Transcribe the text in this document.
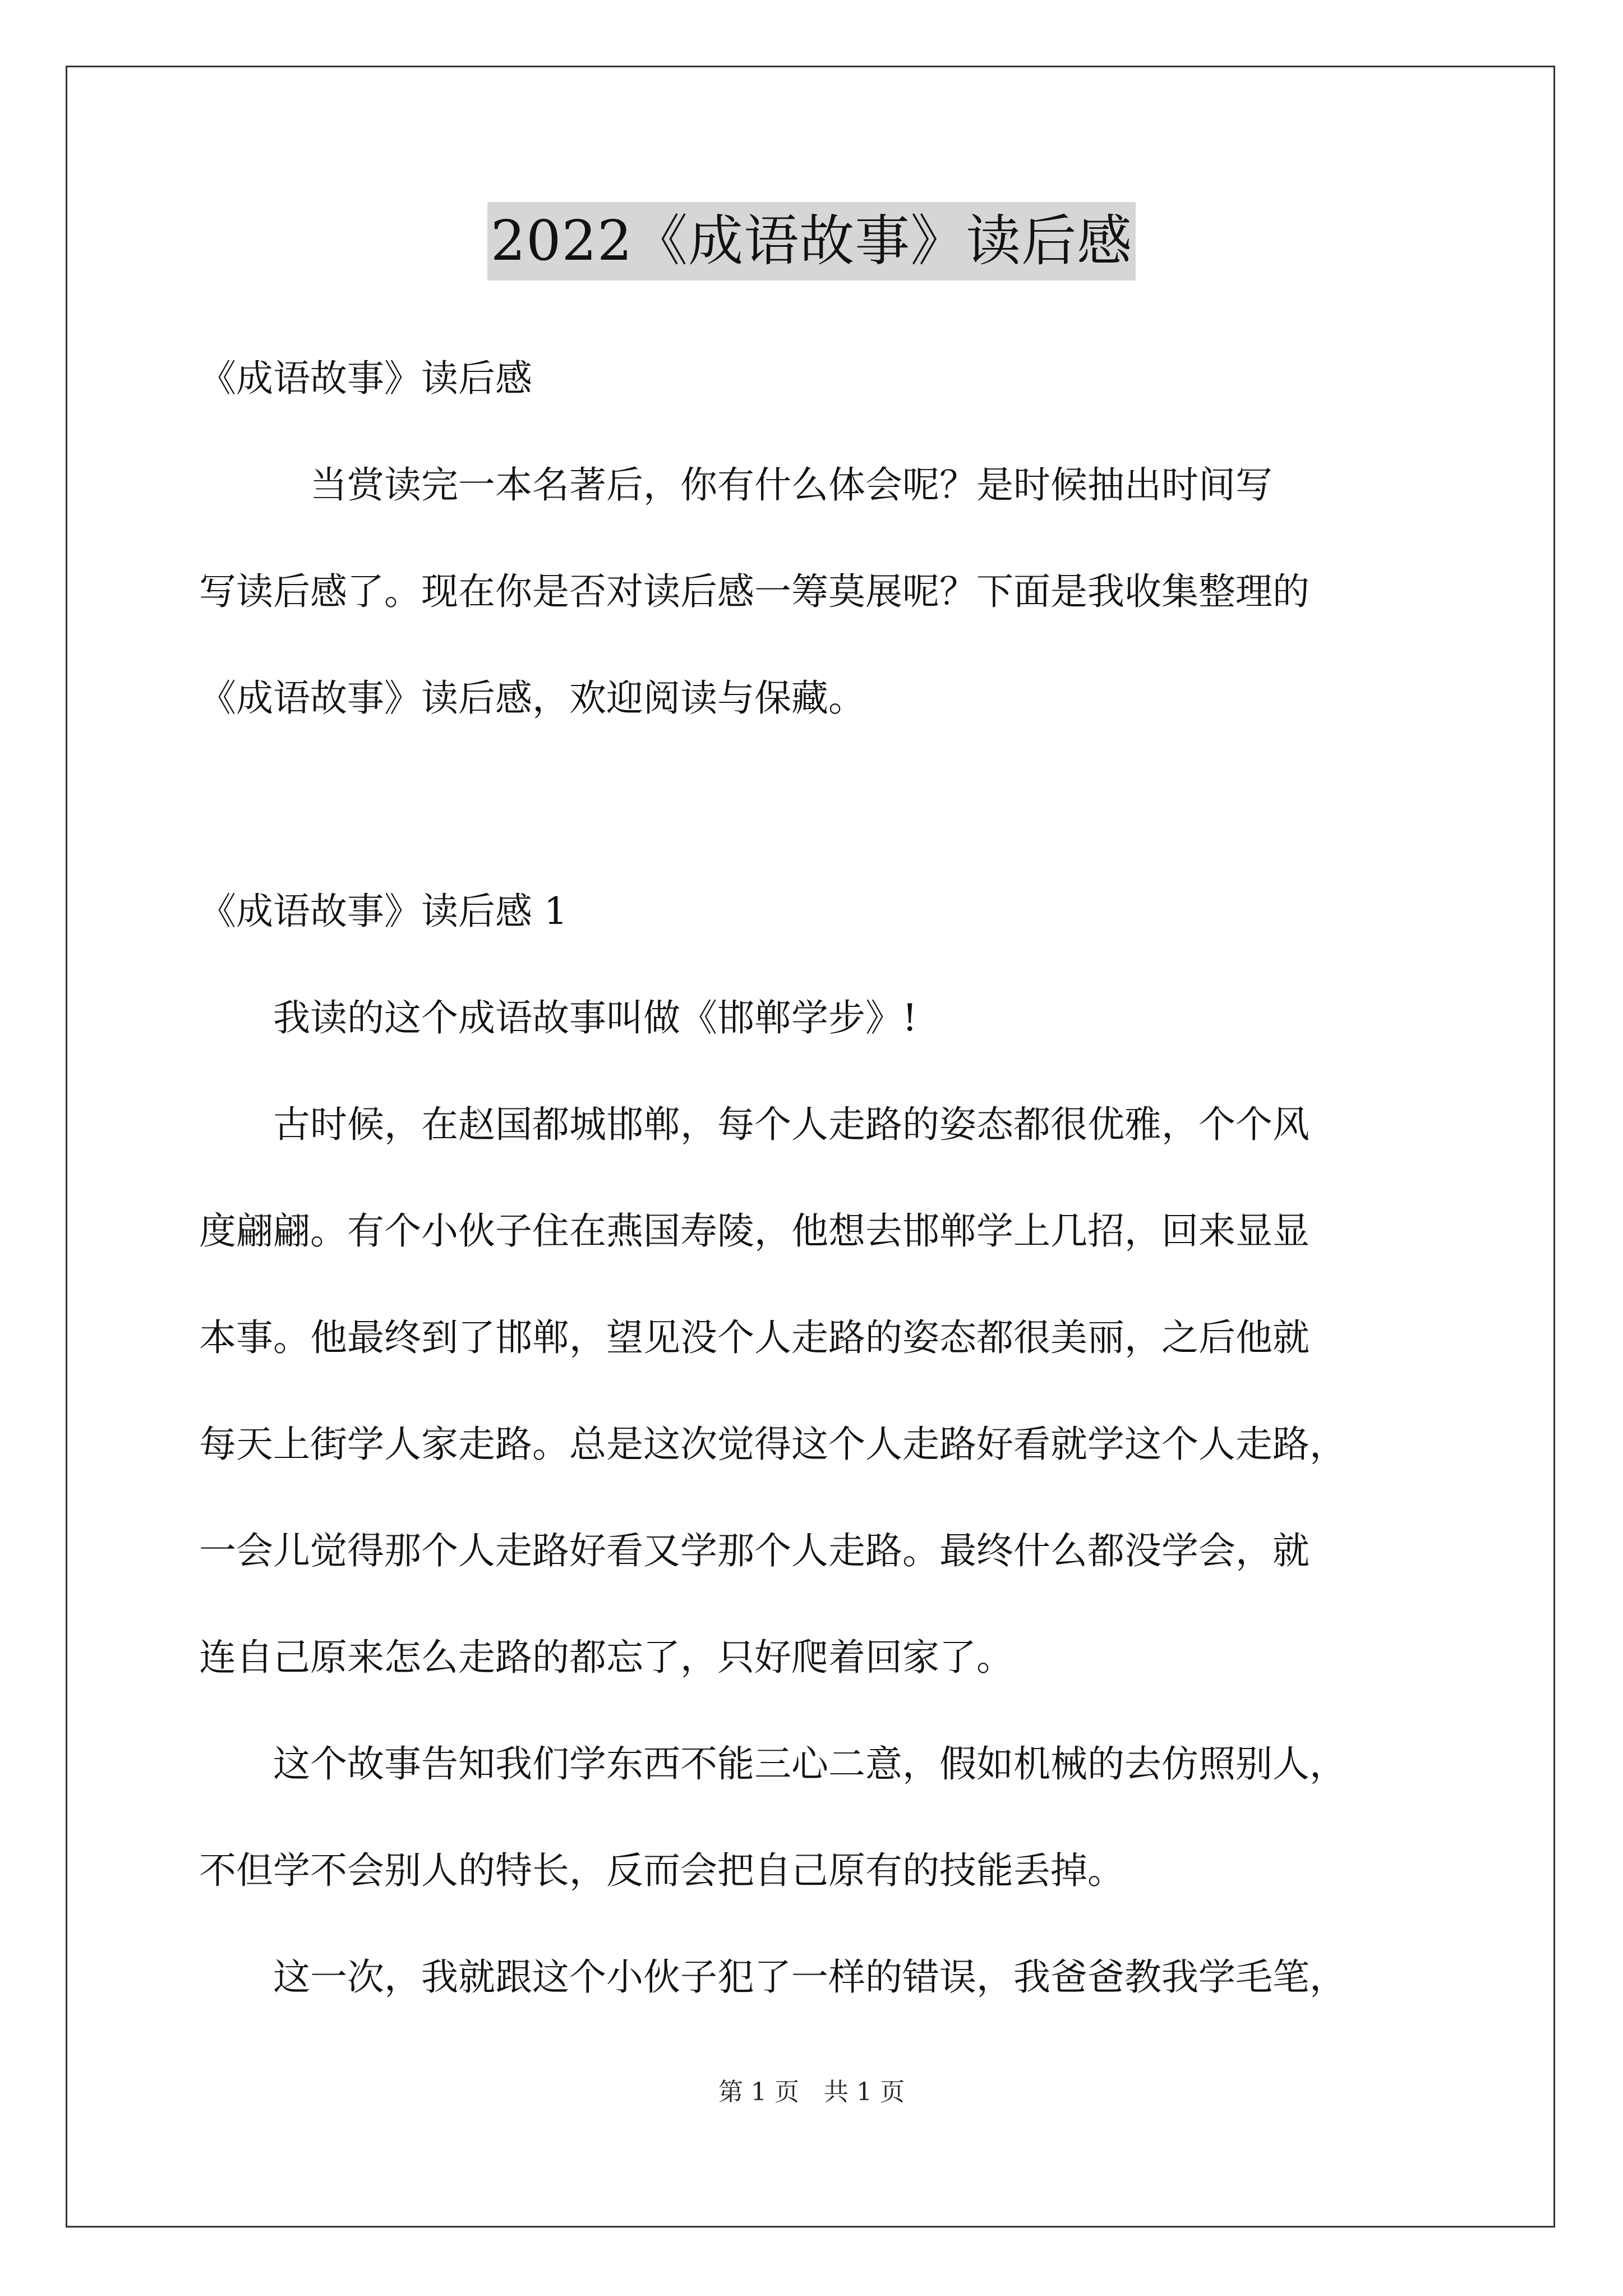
2022《成语故事》读后感
《成语故事》读后感
　　　当赏读完一本名著后，你有什么体会呢？是时候抽出时间写
写读后感了。现在你是否对读后感一筹莫展呢？下面是我收集整理的
《成语故事》读后感，欢迎阅读与保藏。
《成语故事》读后感 1
　　我读的这个成语故事叫做《邯郸学步》!
　　古时候，在赵国都城邯郸，每个人走路的姿态都很优雅，个个风
度翩翩。有个小伙子住在燕国寿陵，他想去邯郸学上几招，回来显显
本事。他最终到了邯郸，望见没个人走路的姿态都很美丽，之后他就
每天上街学人家走路。总是这次觉得这个人走路好看就学这个人走路，
一会儿觉得那个人走路好看又学那个人走路。最终什么都没学会，就
连自己原来怎么走路的都忘了，只好爬着回家了。
　　这个故事告知我们学东西不能三心二意，假如机械的去仿照别人，
不但学不会别人的特长，反而会把自己原有的技能丢掉。
　　这一次，我就跟这个小伙子犯了一样的错误，我爸爸教我学毛笔，
第 1 页　共 1 页
